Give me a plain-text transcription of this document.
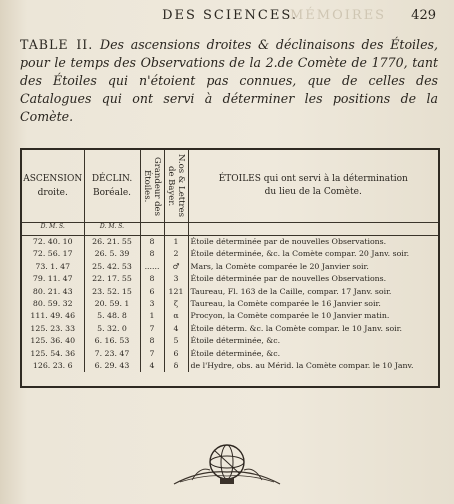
DES SCIENCES.
MÉMOIRES 429

TABLE II. Des ascensions droites & déclinaisons des Étoiles, pour le temps des Observations de la 2.de Comète de 1770, tant des Étoiles qui n'étoient pas connues, que de celles des Catalogues qui ont servi à déterminer les positions de la Comète.

ASCENSION
droite.	DÉCLIN.
Boréale.	Grandeur des Étoiles.	N.os & Lettres de Bayer.	ÉTOILES qui ont servi à la détermination
du lieu de la Comète.

D. M. S.	D. M. S.			
72. 40. 10	26. 21. 55	8	1	Étoile déterminée par de nouvelles Observations.
72. 56. 17	26. 5. 39	8	2	Étoile déterminée, &c. la Comète compar. 20 Janv. soir.
73. 1. 47	25. 42. 53	......	♂	Mars, la Comète comparée le 20 Janvier soir.
79. 11. 47	22. 17. 55	8	3	Étoile déterminée par de nouvelles Observations.
80. 21. 43	23. 52. 15	6	121	Taureau, Fl. 163 de la Caille, compar. 17 Janv. soir.
80. 59. 32	20. 59. 1	3	ζ	Taureau, la Comète comparée le 16 Janvier soir.
111. 49. 46	5. 48. 8	1	α	Procyon, la Comète comparée le 10 Janvier matin.
125. 23. 33	5. 32. 0	7	4	Étoile déterm. &c. la Comète compar. le 10 Janv. soir.
125. 36. 40	6. 16. 53	8	5	Étoile déterminée, &c.
125. 54. 36	7. 23. 47	7	6	Étoile déterminée, &c.
126. 23. 6	6. 29. 43	4	δ	de l'Hydre, obs. au Mérid. la Comète compar. le 10 Janv.
